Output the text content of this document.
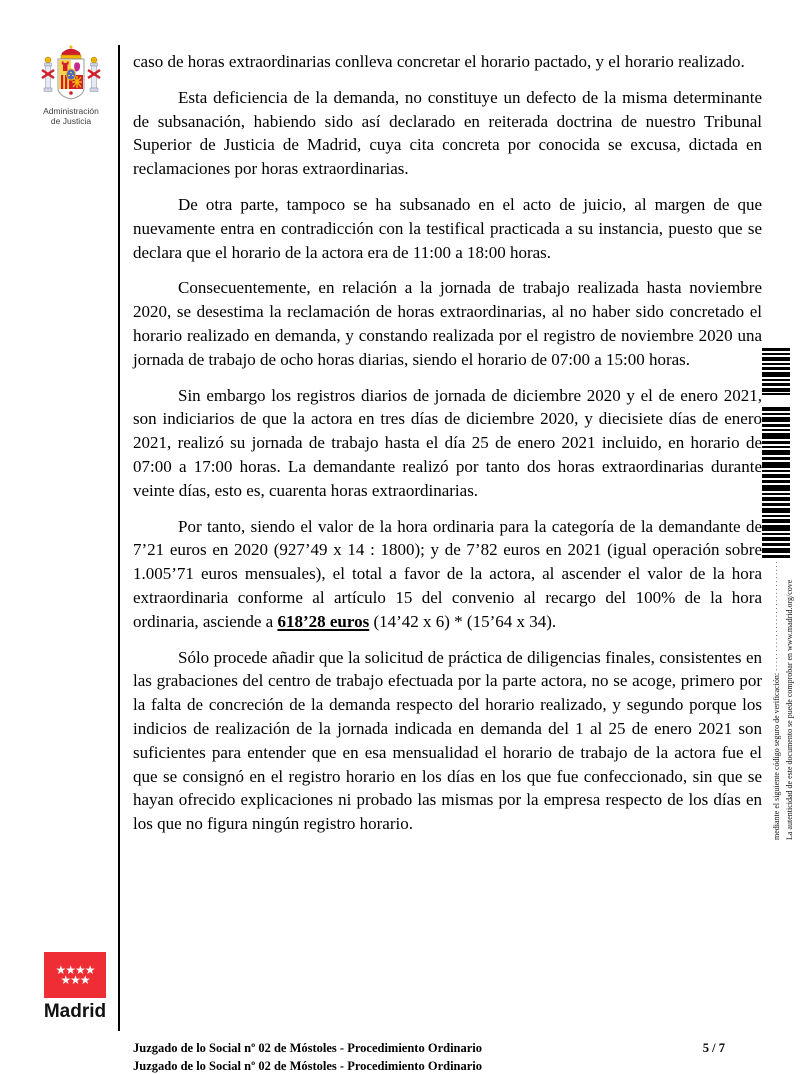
Administración
de Justicia
★★★★
★★★
Madrid

caso de horas extraordinarias conlleva concretar el horario pactado, y el horario realizado.

Esta deficiencia de la demanda, no constituye un defecto de la misma determinante de subsanación, habiendo sido así declarado en reiterada doctrina de nuestro Tribunal Superior de Justicia de Madrid, cuya cita concreta por conocida se excusa, dictada en reclamaciones por horas extraordinarias.

De otra parte, tampoco se ha subsanado en el acto de juicio, al margen de que nuevamente entra en contradicción con la testifical practicada a su instancia, puesto que se declara que el horario de la actora era de 11:00 a 18:00 horas.

Consecuentemente, en relación a la jornada de trabajo realizada hasta noviembre 2020, se desestima la reclamación de horas extraordinarias, al no haber sido concretado el horario realizado en demanda, y constando realizada por el registro de noviembre 2020 una jornada de trabajo de ocho horas diarias, siendo el horario de 07:00 a 15:00 horas.

Sin embargo los registros diarios de jornada de diciembre 2020 y el de enero 2021, son indiciarios de que la actora en tres días de diciembre 2020, y diecisiete días de enero 2021, realizó su jornada de trabajo hasta el día 25 de enero 2021 incluido, en horario de 07:00 a 17:00 horas. La demandante realizó por tanto dos horas extraordinarias durante veinte días, esto es, cuarenta horas extraordinarias.

Por tanto, siendo el valor de la hora ordinaria para la categoría de la demandante de 7’21 euros en 2020 (927’49 x 14 : 1800); y de 7’82 euros en 2021 (igual operación sobre 1.005’71 euros mensuales), el total a favor de la actora, al ascender el valor de la hora extraordinaria conforme al artículo 15 del convenio al recargo del 100% de la hora ordinaria, asciende a 618’28 euros (14’42 x 6) * (15’64 x 34).

Sólo procede añadir que la solicitud de práctica de diligencias finales, consistentes en las grabaciones del centro de trabajo efectuada por la parte actora, no se acoge, primero por la falta de concreción de la demanda respecto del horario realizado, y segundo porque los indicios de realización de la jornada indicada en demanda del 1 al 25 de enero 2021 son suficientes para entender que en esa mensualidad el horario de trabajo de la actora fue el que se consignó en el registro horario en los días en los que fue confeccionado, sin que se hayan ofrecido explicaciones ni probado las mismas por la empresa respecto de los días en los que no figura ningún registro horario.	La autenticidad de este documento se puede comprobar en www.madrid.org/cove
mediante el siguiente código seguro de verificación: ·····························
Juzgado de lo Social nº 02 de Móstoles - Procedimiento Ordinario	5 / 7
Juzgado de lo Social nº 02 de Móstoles - Procedimiento Ordinario
